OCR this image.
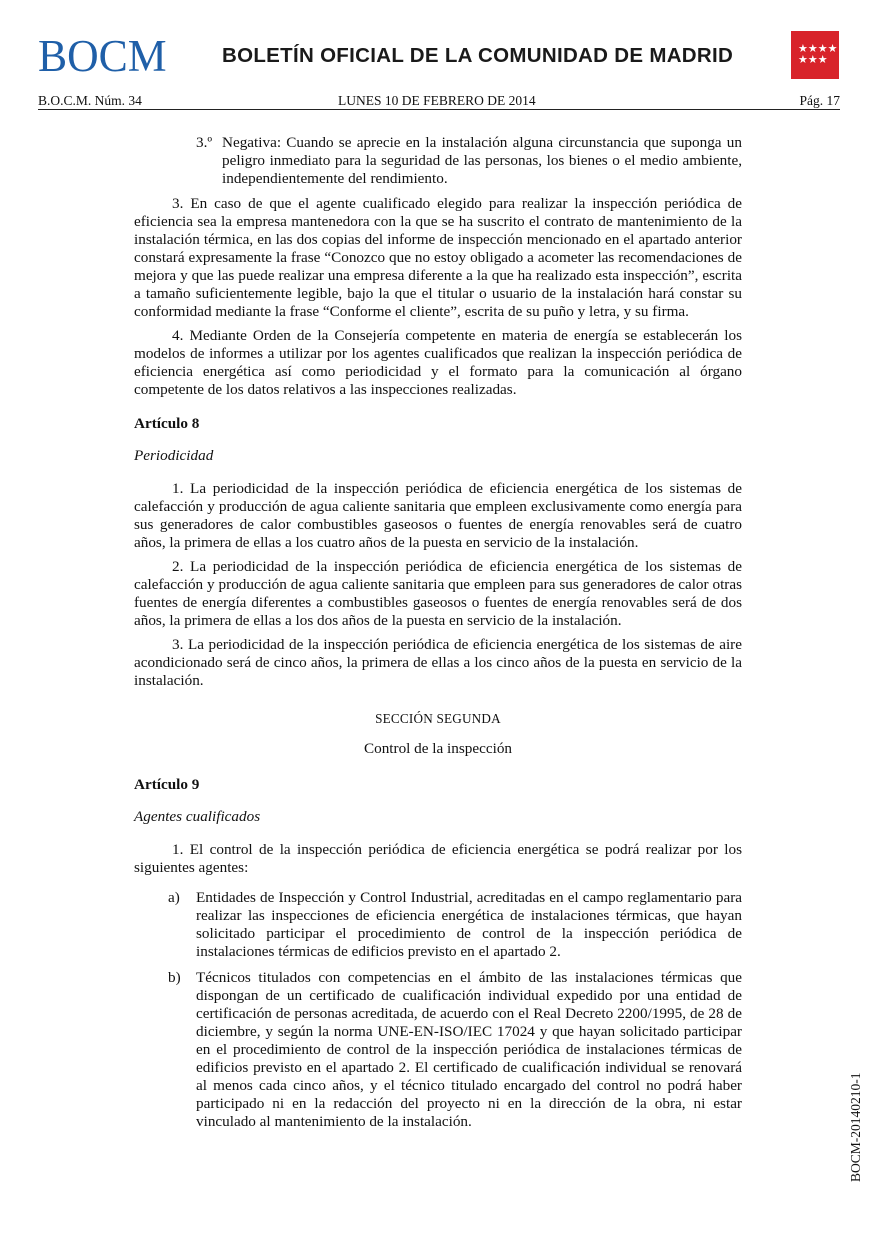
BOCM	BOLETÍN OFICIAL DE LA COMUNIDAD DE MADRID	★★★★
★★★
B.O.C.M. Núm. 34	LUNES 10 DE FEBRERO DE 2014	Pág. 17
3.º Negativa: Cuando se aprecie en la instalación alguna circunstancia que suponga un peligro inmediato para la seguridad de las personas, los bienes o el medio ambiente, independientemente del rendimiento.

3. En caso de que el agente cualificado elegido para realizar la inspección periódica de eficiencia sea la empresa mantenedora con la que se ha suscrito el contrato de mantenimiento de la instalación térmica, en las dos copias del informe de inspección mencionado en el apartado anterior constará expresamente la frase “Conozco que no estoy obligado a acometer las recomendaciones de mejora y que las puede realizar una empresa diferente a la que ha realizado esta inspección”, escrita a tamaño suficientemente legible, bajo la que el titular o usuario de la instalación hará constar su conformidad mediante la frase “Conforme el cliente”, escrita de su puño y letra, y su firma.

4. Mediante Orden de la Consejería competente en materia de energía se establecerán los modelos de informes a utilizar por los agentes cualificados que realizan la inspección periódica de eficiencia energética así como periodicidad y el formato para la comunicación al órgano competente de los datos relativos a las inspecciones realizadas.

Artículo 8

Periodicidad

1. La periodicidad de la inspección periódica de eficiencia energética de los sistemas de calefacción y producción de agua caliente sanitaria que empleen exclusivamente como energía para sus generadores de calor combustibles gaseosos o fuentes de energía renovables será de cuatro años, la primera de ellas a los cuatro años de la puesta en servicio de la instalación.

2. La periodicidad de la inspección periódica de eficiencia energética de los sistemas de calefacción y producción de agua caliente sanitaria que empleen para sus generadores de calor otras fuentes de energía diferentes a combustibles gaseosos o fuentes de energía renovables será de dos años, la primera de ellas a los dos años de la puesta en servicio de la instalación.

3. La periodicidad de la inspección periódica de eficiencia energética de los sistemas de aire acondicionado será de cinco años, la primera de ellas a los cinco años de la puesta en servicio de la instalación.

SECCIÓN SEGUNDA

Control de la inspección

Artículo 9

Agentes cualificados

1. El control de la inspección periódica de eficiencia energética se podrá realizar por los siguientes agentes:

a) Entidades de Inspección y Control Industrial, acreditadas en el campo reglamentario para realizar las inspecciones de eficiencia energética de instalaciones térmicas, que hayan solicitado participar el procedimiento de control de la inspección periódica de instalaciones térmicas de edificios previsto en el apartado 2.

b) Técnicos titulados con competencias en el ámbito de las instalaciones térmicas que dispongan de un certificado de cualificación individual expedido por una entidad de certificación de personas acreditada, de acuerdo con el Real Decreto 2200/1995, de 28 de diciembre, y según la norma UNE-EN-ISO/IEC 17024 y que hayan solicitado participar en el procedimiento de control de la inspección periódica de instalaciones térmicas de edificios previsto en el apartado 2. El certificado de cualificación individual se renovará al menos cada cinco años, y el técnico titulado encargado del control no podrá haber participado ni en la redacción del proyecto ni en la dirección de la obra, ni estar vinculado al mantenimiento de la instalación.	BOCM-20140210-1
